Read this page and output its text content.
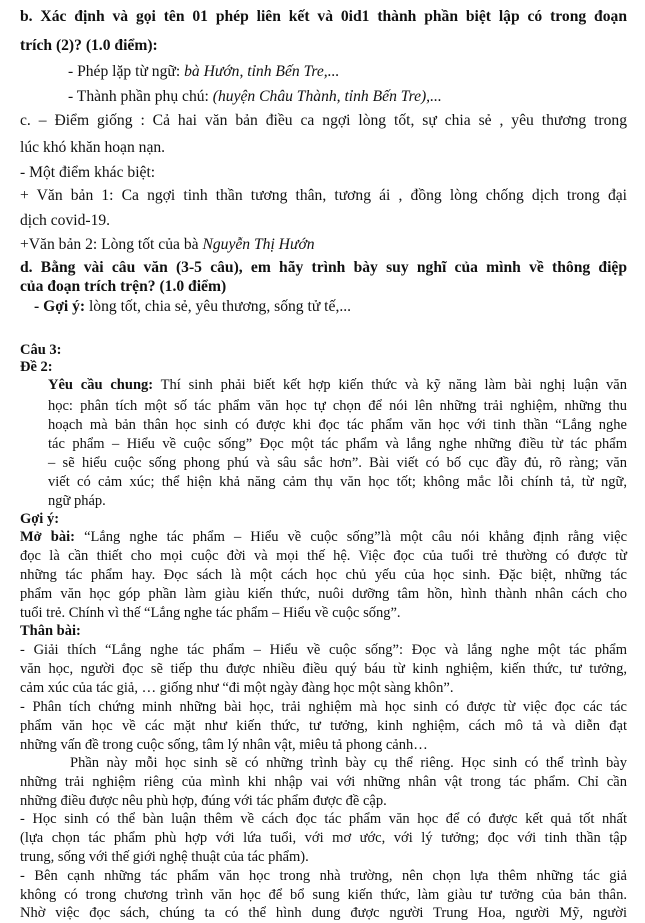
b. Xác định và gọi tên 01 phép liên kết và 0id1 thành phần biệt lập có trong đoạn
trích (2)? (1.0 điểm):
- Phép lặp từ ngữ: bà Hướn, tỉnh Bến Tre,...
- Thành phần phụ chú: (huyện Châu Thành, tỉnh Bến Tre),...
c. – Điểm giống : Cả hai văn bản điều ca ngợi lòng tốt, sự chia sẻ , yêu thương trong
lúc khó khăn hoạn nạn.
- Một điểm khác biệt:
+ Văn bản 1: Ca ngợi tinh thần tương thân, tương ái , đồng lòng chống dịch trong đại
dịch covid-19.
+Văn bản 2: Lòng tốt của bà Nguyễn Thị Hướn
d. Bằng vài câu văn (3-5 câu), em hãy trình bày suy nghĩ của mình về thông điệp
của đoạn trích trện? (1.0 điểm)
- Gợi ý: lòng tốt, chia sẻ, yêu thương, sống tử tế,...
Câu 3:
Đề 2:
Yêu cầu chung: Thí sinh phải biết kết hợp kiến thức và kỹ năng làm bài nghị luận văn
học: phân tích một số tác phẩm văn học tự chọn để nói lên những trải nghiệm, những thu
hoạch mà bản thân học sinh có được khi đọc tác phẩm văn học với tinh thần “Lắng nghe
tác phẩm – Hiểu về cuộc sống” Đọc một tác phẩm và lắng nghe những điều từ tác phẩm
– sẽ hiểu cuộc sống phong phú và sâu sắc hơn”. Bài viết có bố cục đầy đủ, rõ ràng; văn
viết có cảm xúc; thể hiện khả năng cảm thụ văn học tốt; không mắc lỗi chính tả, từ ngữ,
ngữ pháp.
Gợi ý:
Mở bài: “Lắng nghe tác phẩm – Hiểu về cuộc sống”là một câu nói khẳng định rằng việc
đọc là cần thiết cho mọi cuộc đời và mọi thế hệ. Việc đọc của tuổi trẻ thường có được từ
những tác phẩm hay. Đọc sách là một cách học chủ yếu của học sinh. Đặc biệt, những tác
phẩm văn học góp phần làm giàu kiến thức, nuôi dưỡng tâm hồn, hình thành nhân cách cho
tuổi trẻ. Chính vì thế “Lắng nghe tác phẩm – Hiểu về cuộc sống”.
Thân bài:
- Giải thích “Lắng nghe tác phẩm – Hiểu về cuộc sống”: Đọc và lắng nghe một tác phẩm
văn học, người đọc sẽ tiếp thu được nhiều điều quý báu từ kinh nghiệm, kiến thức, tư tưởng,
cảm xúc của tác giả, … giống như “đi một ngày đàng học một sàng khôn”.
- Phân tích chứng minh những bài học, trải nghiệm mà học sinh có được từ việc đọc các tác
phẩm văn học về các mặt như kiến thức, tư tưởng, kinh nghiệm, cách mô tả và diễn đạt
những vấn đề trong cuộc sống, tâm lý nhân vật, miêu tả phong cảnh…
Phần này mỗi học sinh sẽ có những trình bày cụ thể riêng. Học sinh có thể trình bày
những trải nghiệm riêng của mình khi nhập vai với những nhân vật trong tác phẩm. Chỉ cần
những điều được nêu phù hợp, đúng với tác phẩm được đề cập.
- Học sinh có thể bàn luận thêm về cách đọc tác phẩm văn học để có được kết quả tốt nhất
(lựa chọn tác phẩm phù hợp với lứa tuổi, với mơ ước, với lý tưởng; đọc với tinh thần tập
trung, sống với thế giới nghệ thuật của tác phẩm).
- Bên cạnh những tác phẩm văn học trong nhà trường, nên chọn lựa thêm những tác giả
không có trong chương trình văn học để bổ sung kiến thức, làm giàu tư tưởng của bản thân.
Nhờ việc đọc sách, chúng ta có thể hình dung được người Trung Hoa, người Mỹ, người
